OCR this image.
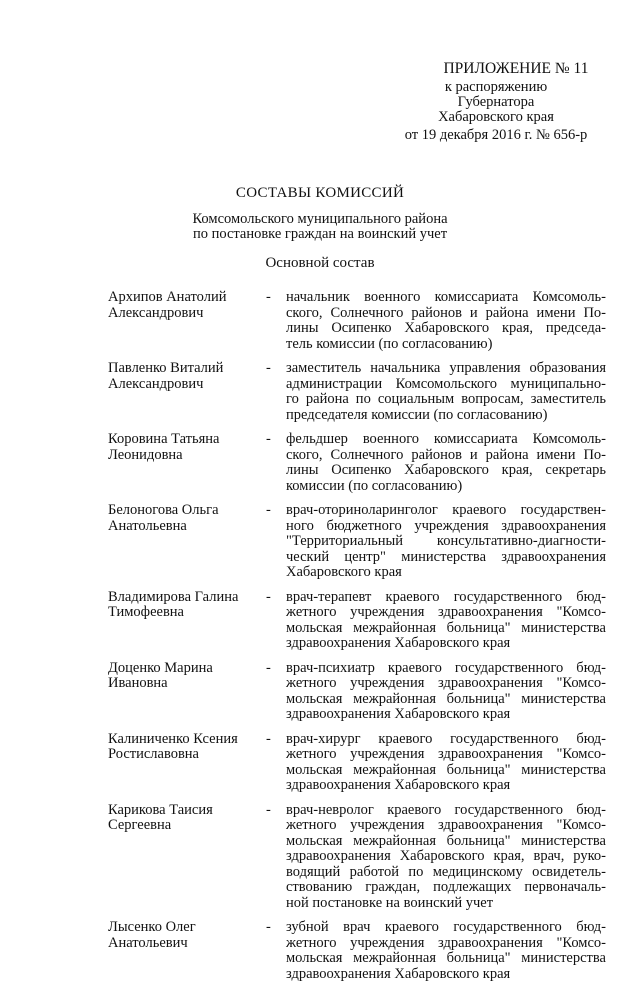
ПРИЛОЖЕНИЕ № 11
к распоряжению
Губернатора
Хабаровского края
от 19 декабря 2016 г. № 656-р
СОСТАВЫ КОМИССИЙ
Комсомольского муниципального района
по постановке граждан на воинский учет
Основной состав
Архипов Анатолий
Александрович
-	начальник военного комиссариата Комсомоль-
ского, Солнечного районов и района имени По-
лины Осипенко Хабаровского края, председа-
тель комиссии (по согласованию)
Павленко Виталий
Александрович
-	заместитель начальника управления образования
администрации Комсомольского муниципально-
го района по социальным вопросам, заместитель
председателя комиссии (по согласованию)
Коровина Татьяна
Леонидовна
-	фельдшер военного комиссариата Комсомоль-
ского, Солнечного районов и района имени По-
лины Осипенко Хабаровского края, секретарь
комиссии (по согласованию)
Белоногова Ольга
Анатольевна
-	врач-оториноларинголог краевого государствен-
ного бюджетного учреждения здравоохранения
"Территориальный консультативно-диагности-
ческий центр" министерства здравоохранения
Хабаровского края
Владимирова Галина
Тимофеевна
-	врач-терапевт краевого государственного бюд-
жетного учреждения здравоохранения "Комсо-
мольская межрайонная больница" министерства
здравоохранения Хабаровского края
Доценко Марина
Ивановна
-	врач-психиатр краевого государственного бюд-
жетного учреждения здравоохранения "Комсо-
мольская межрайонная больница" министерства
здравоохранения Хабаровского края
Калиниченко Ксения
Ростиславовна
-	врач-хирург краевого государственного бюд-
жетного учреждения здравоохранения "Комсо-
мольская межрайонная больница" министерства
здравоохранения Хабаровского края
Карикова Таисия
Сергеевна
-	врач-невролог краевого государственного бюд-
жетного учреждения здравоохранения "Комсо-
мольская межрайонная больница" министерства
здравоохранения Хабаровского края, врач, руко-
водящий работой по медицинскому освидетель-
ствованию граждан, подлежащих первоначаль-
ной постановке на воинский учет
Лысенко Олег
Анатольевич
-	зубной врач краевого государственного бюд-
жетного учреждения здравоохранения "Комсо-
мольская межрайонная больница" министерства
здравоохранения Хабаровского края
